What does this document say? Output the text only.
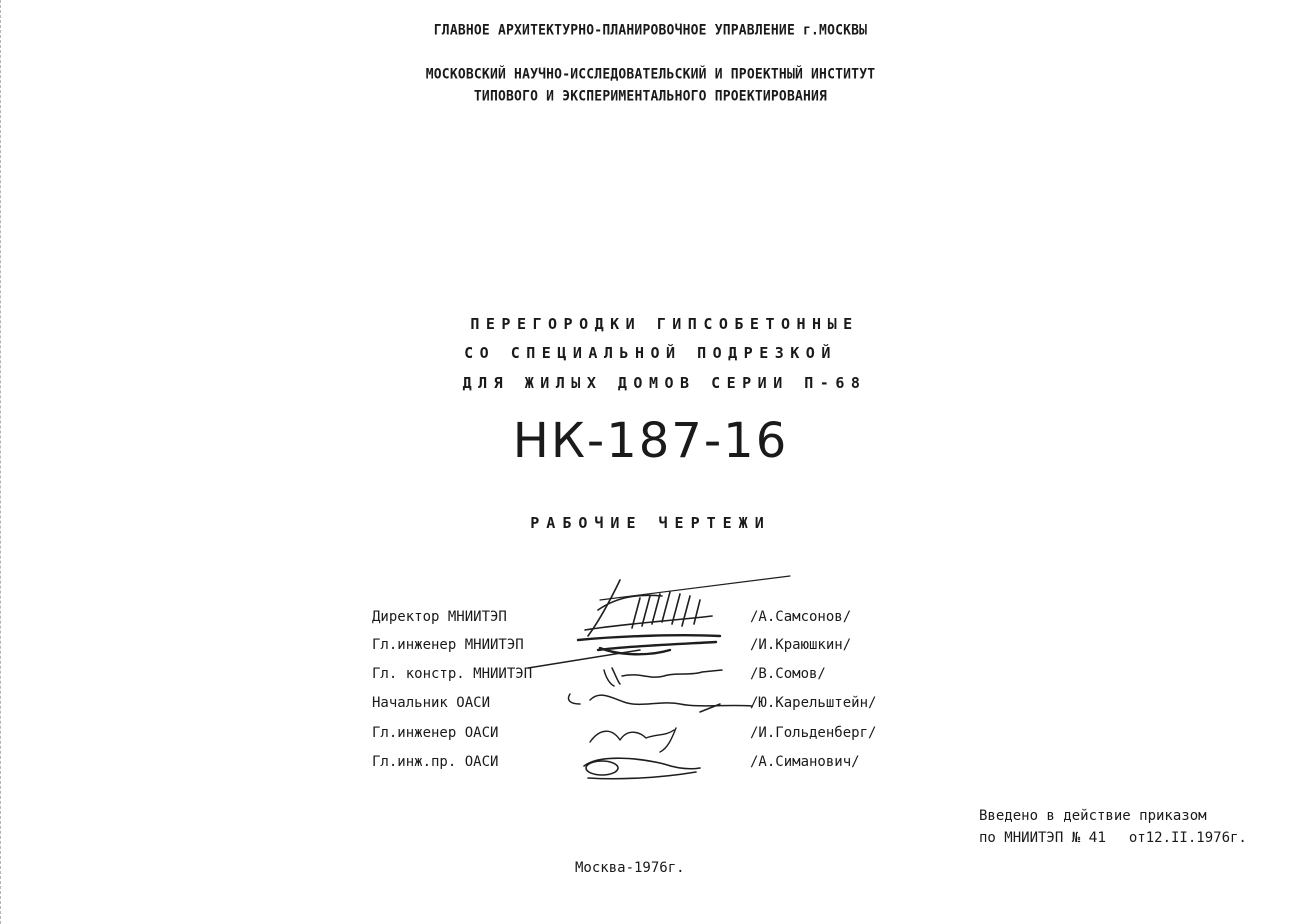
ГЛАВНОЕ АРХИТЕКТУРНО-ПЛАНИРОВОЧНОЕ УПРАВЛЕНИЕ г.МОСКВЫ
МОСКОВСКИЙ НАУЧНО-ИССЛЕДОВАТЕЛЬСКИЙ И ПРОЕКТНЫЙ ИНСТИТУТ
ТИПОВОГО И ЭКСПЕРИМЕНТАЛЬНОГО ПРОЕКТИРОВАНИЯ
ПЕРЕГОРОДКИ ГИПСОБЕТОННЫЕ
СО СПЕЦИАЛЬНОЙ ПОДРЕЗКОЙ
ДЛЯ ЖИЛЫХ ДОМОВ СЕРИИ П-68
НК-187-16
РАБОЧИЕ ЧЕРТЕЖИ
Директор МНИИТЭП	/А.Самсонов/
Гл.инженер МНИИТЭП	/И.Краюшкин/
Гл. констр. МНИИТЭП	/В.Сомов/
Начальник ОАСИ	/Ю.Карельштейн/
Гл.инженер ОАСИ	/И.Гольденберг/
Гл.инж.пр. ОАСИ	/А.Симанович/
Введено в действие приказом
по МНИИТЭП № 41 от12.II.1976г.
Москва-1976г.
